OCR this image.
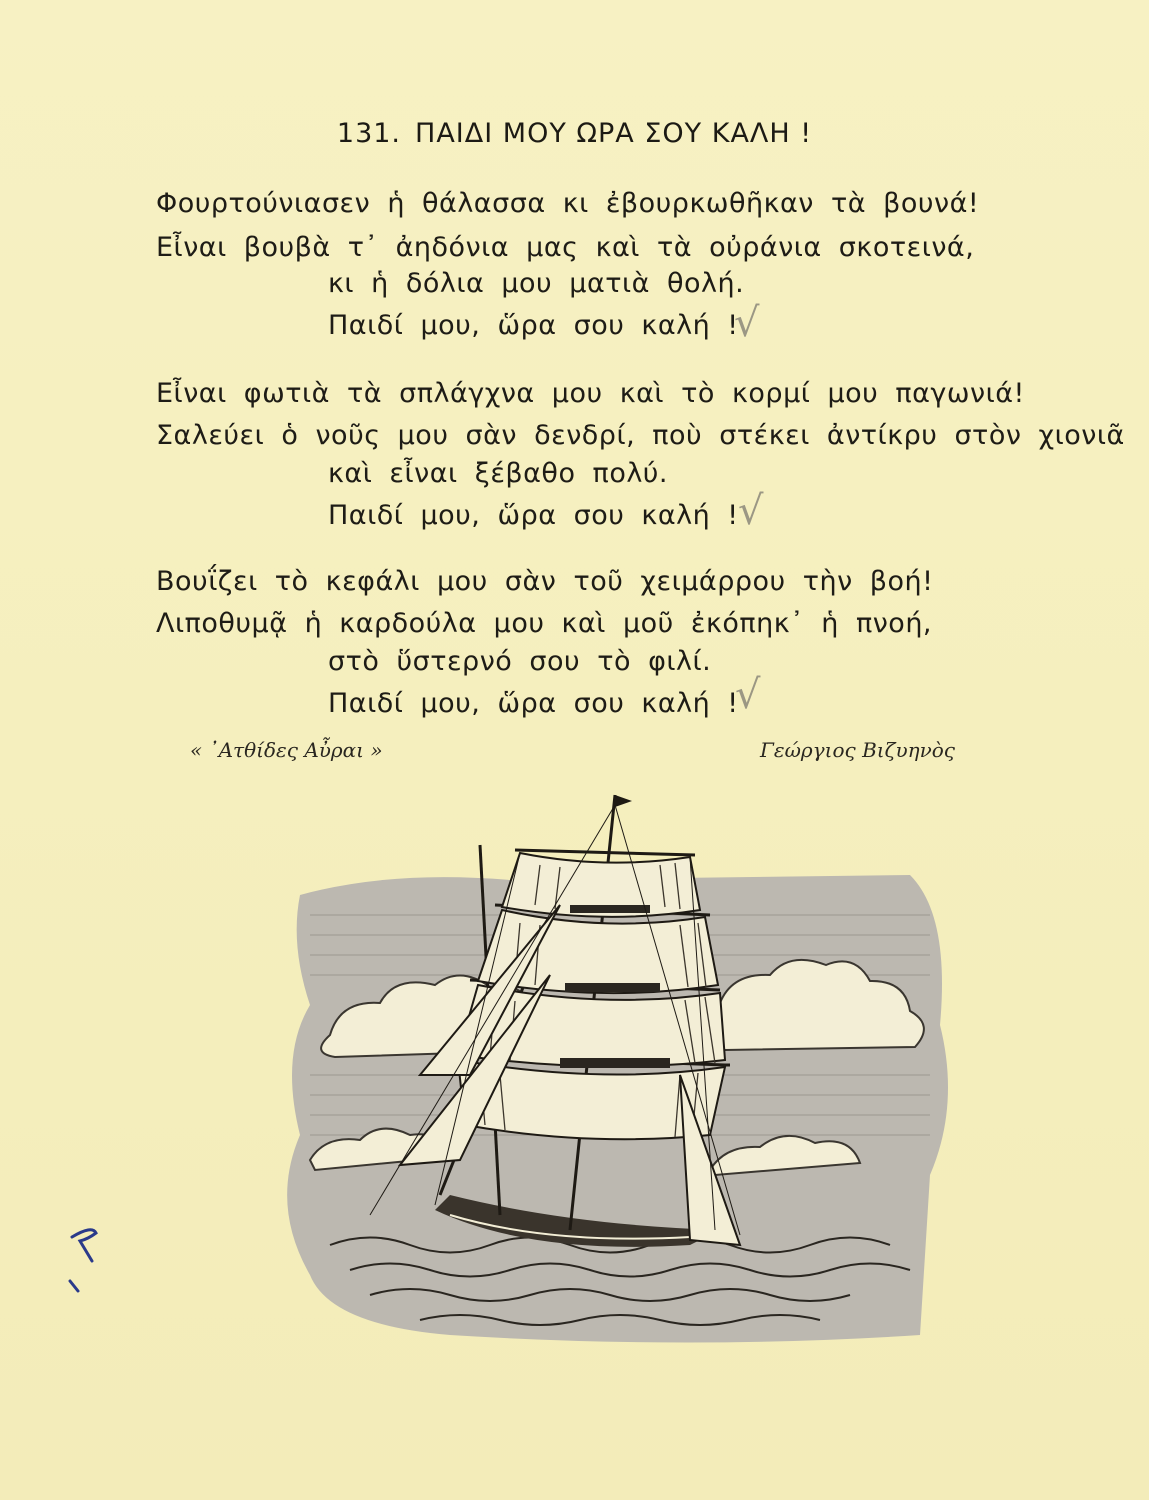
131. ΠΑΙΔΙ ΜΟΥ ΩΡΑ ΣΟΥ ΚΑΛΗ !
Φουρτούνιασεν ἡ θάλασσα κι ἐβουρκωθῆκαν τὰ βουνά!
Εἶναι βουβὰ τ᾿ ἀηδόνια μας καὶ τὰ οὐράνια σκοτεινά,
κι ἡ δόλια μου ματιὰ θολή.
Παιδί μου, ὥρα σου καλή !
√
Εἶναι φωτιὰ τὰ σπλάγχνα μου καὶ τὸ κορμί μου παγωνιά!
Σαλεύει ὁ νοῦς μου σὰν δενδρί, ποὺ στέκει ἀντίκρυ στὸν χιονιᾶ
καὶ εἶναι ξέβαθο πολύ.
Παιδί μου, ὥρα σου καλή ! √
Βουΐζει τὸ κεφάλι μου σὰν τοῦ χειμάρρου τὴν βοή!
Λιποθυμᾷ ἡ καρδούλα μου καὶ μοῦ ἐκόπηκ᾿ ἡ πνοή,
στὸ ὕστερνό σου τὸ φιλί.
Παιδί μου, ὥρα σου καλή !
√
« ᾿Ατθίδες Αὖραι »	Γεώργιος Βιζυηνὸς
